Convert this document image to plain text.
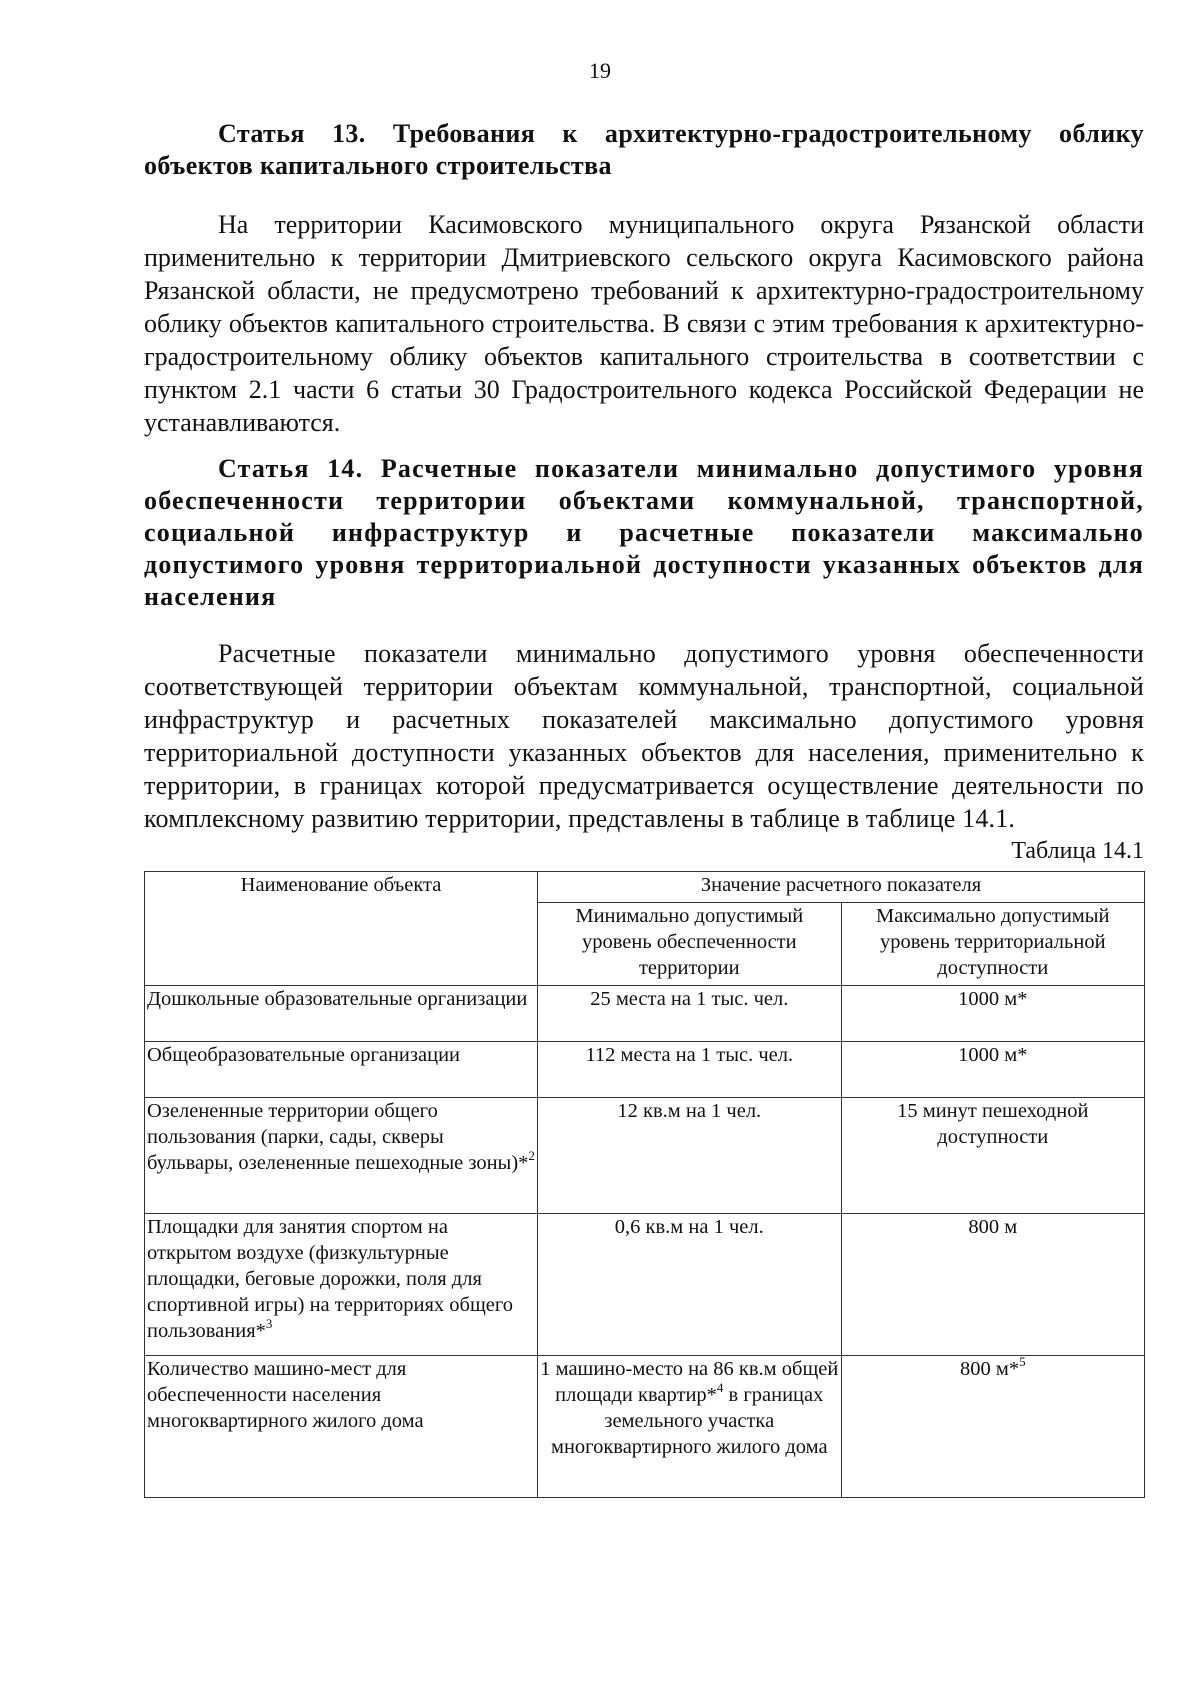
19

Статья 13. Требования к архитектурно-градостроительному облику объектов капитального строительства

На территории Касимовского муниципального округа Рязанской области применительно к территории Дмитриевского сельского округа Касимовского района Рязанской области, не предусмотрено требований к архитектурно-градостроительному облику объектов капитального строительства. В связи с этим требования к архитектурно-градостроительному облику объектов капитального строительства в соответствии с пунктом 2.1 части 6 статьи 30 Градостроительного кодекса Российской Федерации не устанавливаются.

Статья 14. Расчетные показатели минимально допустимого уровня обеспеченности территории объектами коммунальной, транспортной, социальной инфраструктур и расчетные показатели максимально допустимого уровня территориальной доступности указанных объектов для населения

Расчетные показатели минимально допустимого уровня обеспеченности соответствующей территории объектам коммунальной, транспортной, социальной инфраструктур и расчетных показателей максимально допустимого уровня территориальной доступности указанных объектов для населения, применительно к территории, в границах которой предусматривается осуществление деятельности по комплексному развитию территории, представлены в таблице в таблице 14.1.

Таблица 14.1

Наименование объекта	Значение расчетного показателя	
	Минимально допустимый уровень обеспеченности территории	Максимально допустимый уровень территориальной доступности
Дошкольные образовательные организации	25 места на 1 тыс. чел.	1000 м*
Общеобразовательные организации	112 места на 1 тыс. чел.	1000 м*
Озелененные территории общего пользования (парки, сады, скверы бульвары, озелененные пешеходные зоны)*$^2$	12 кв.м на 1 чел.	15 минут пешеходной доступности
Площадки для занятия спортом на открытом воздухе (физкультурные площадки, беговые дорожки, поля для спортивной игры) на территориях общего пользования*$^3$	0,6 кв.м на 1 чел.	800 м
Количество машино-мест для обеспеченности населения многоквартирного жилого дома	1 машино-место на 86 кв.м общей площади квартир*$^4$ в границах земельного участка многоквартирного жилого дома	800 м*$^5$
